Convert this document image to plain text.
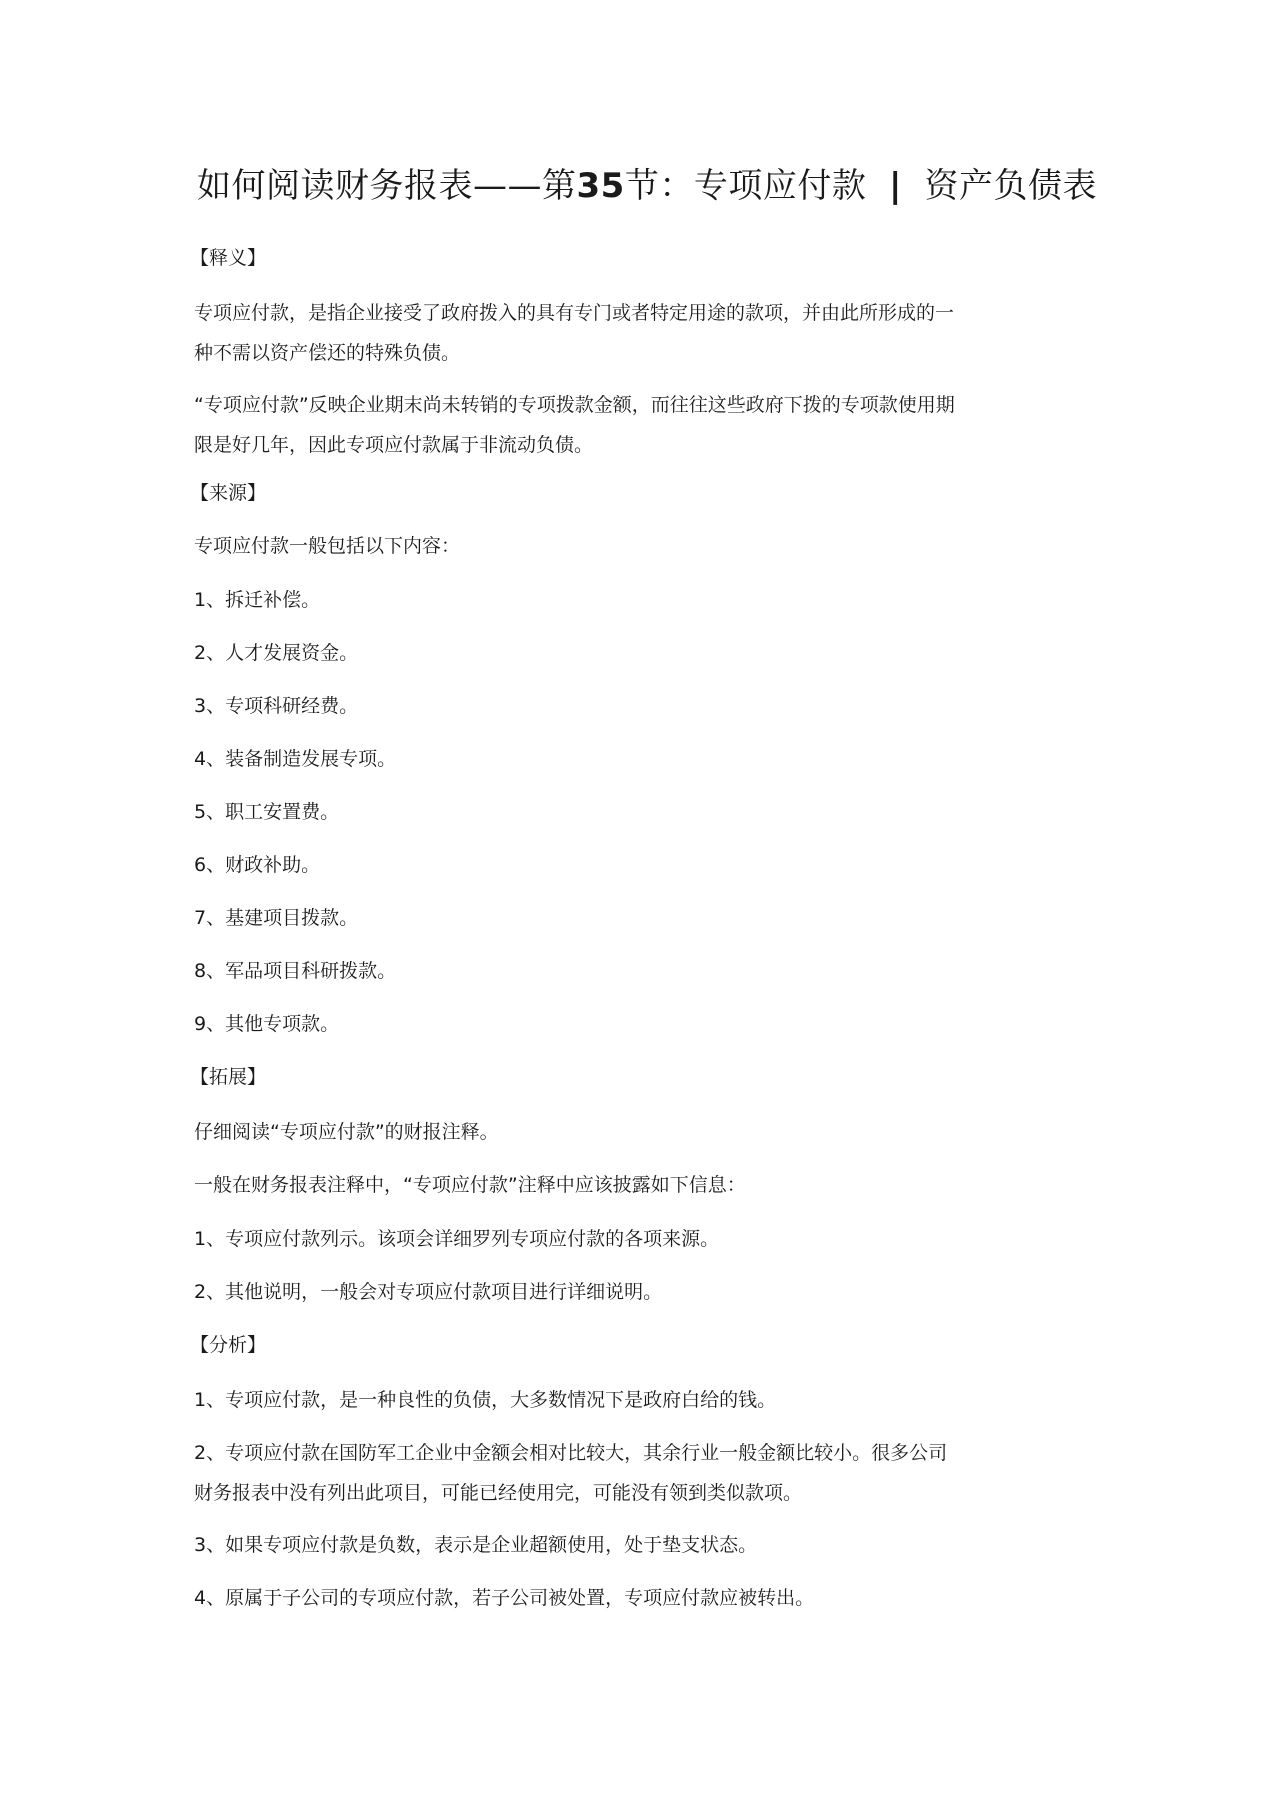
如何阅读财务报表——第35节：专项应付款 | 资产负债表

【释义】

专项应付款，是指企业接受了政府拨入的具有专门或者特定用途的款项，并由此所形成的一

种不需以资产偿还的特殊负债。

“专项应付款”反映企业期末尚未转销的专项拨款金额，而往往这些政府下拨的专项款使用期

限是好几年，因此专项应付款属于非流动负债。

【来源】

专项应付款一般包括以下内容：

1、拆迁补偿。

2、人才发展资金。

3、专项科研经费。

4、装备制造发展专项。

5、职工安置费。

6、财政补助。

7、基建项目拨款。

8、军品项目科研拨款。

9、其他专项款。

【拓展】

仔细阅读“专项应付款”的财报注释。

一般在财务报表注释中，“专项应付款”注释中应该披露如下信息：

1、专项应付款列示。该项会详细罗列专项应付款的各项来源。

2、其他说明，一般会对专项应付款项目进行详细说明。

【分析】

1、专项应付款，是一种良性的负债，大多数情况下是政府白给的钱。

2、专项应付款在国防军工企业中金额会相对比较大，其余行业一般金额比较小。很多公司

财务报表中没有列出此项目，可能已经使用完，可能没有领到类似款项。

3、如果专项应付款是负数，表示是企业超额使用，处于垫支状态。

4、原属于子公司的专项应付款，若子公司被处置，专项应付款应被转出。
